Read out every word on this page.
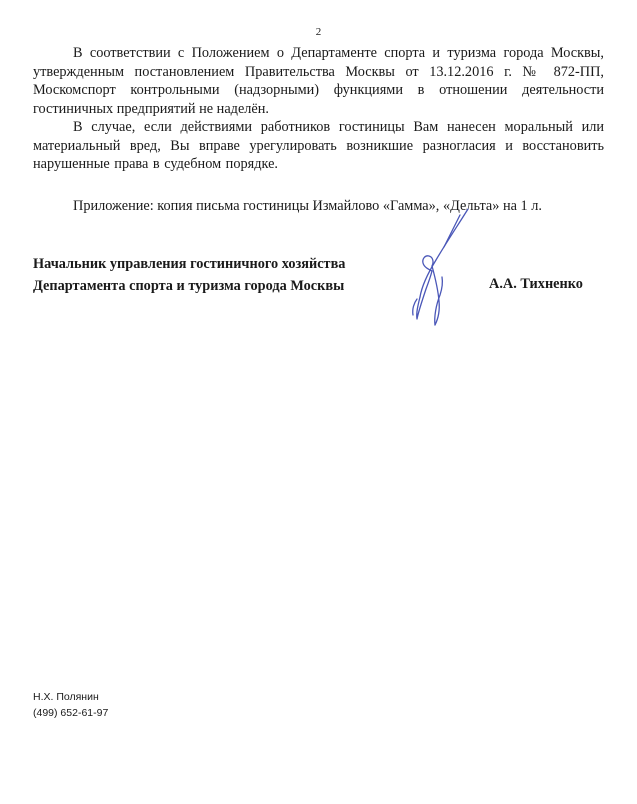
2

В соответствии с Положением о Департаменте спорта и туризма города Москвы, утвержденным постановлением Правительства Москвы от 13.12.2016 г. № 872-ПП, Москомспорт контрольными (надзорными) функциями в отношении деятельности гостиничных предприятий не наделён.

В случае, если действиями работников гостиницы Вам нанесен моральный или материальный вред, Вы вправе урегулировать возникшие разногласия и восстановить нарушенные права в судебном порядке.

Приложение: копия письма гостиницы Измайлово «Гамма», «Дельта» на 1 л.
Начальник управления гостиничного хозяйства
Департамента спорта и туризма города Москвы	А.А. Тихненко
Н.Х. Полянин
(499) 652-61-97
